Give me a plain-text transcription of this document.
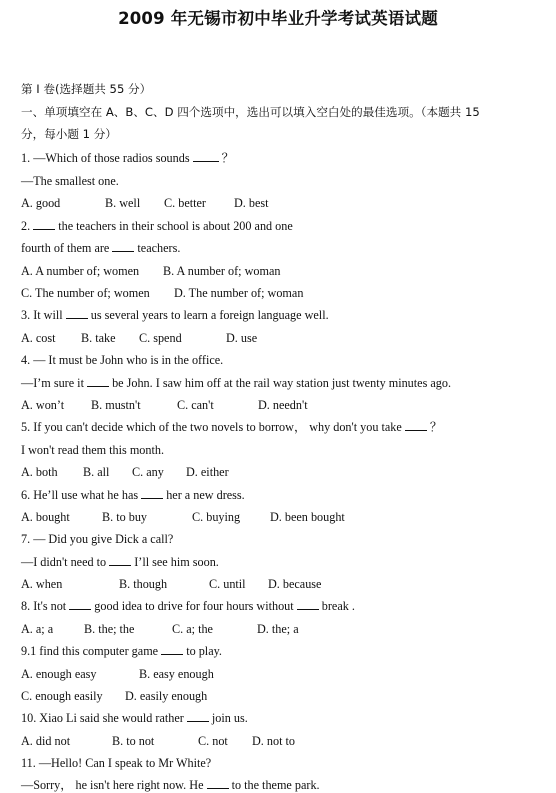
2009 年无锡市初中毕业升学考试英语试题
第 I 卷(选择题共 55 分）
一、单项填空在 A、B、C、D 四个选项中，选出可以填入空白处的最佳选项。（本题共 15
分，每小题 1 分）
1. —Which of those radios sounds  ？
—The smallest one.
A. good	B. well C. better D. best
2.  the teachers in their school is about 200 and one
fourth of them are  teachers.
A. A number of; women B. A number of; woman
C. The number of; women D. The number of; woman
3. It will  us several years to learn a foreign language well.
A. cost B. take C. spend	D. use
4. — It must be John who is in the office.
—I’m sure it  be John. I saw him off at the rail way station just twenty minutes ago.
A. won’t B. mustn't	C. can't	D. needn't
5. If you can't decide which of the two novels to borrow， why don't you take  ？
I won't read them this month.
A. both B. all C. any D. either
6. He’ll use what he has  her a new dress.
A. bought	B. to buy	C. buying D. been bought
7. — Did you give Dick a call?
—I didn't need to  I’ll see him soon.
A. when	B. though	C. until D. because
8. It's not  good idea to drive for four hours without  break .
A. a; a	B. the; the	C. a; the	D. the; a
9.1 find this computer game  to play.
A. enough easy	B. easy enough
C. enough easily D. easily enough
10. Xiao Li said she would rather  join us.
A. did not	B. to not	C. not D. not to
11. —Hello! Can I speak to Mr White?
—Sorry， he isn't here right now. He  to the theme park.
